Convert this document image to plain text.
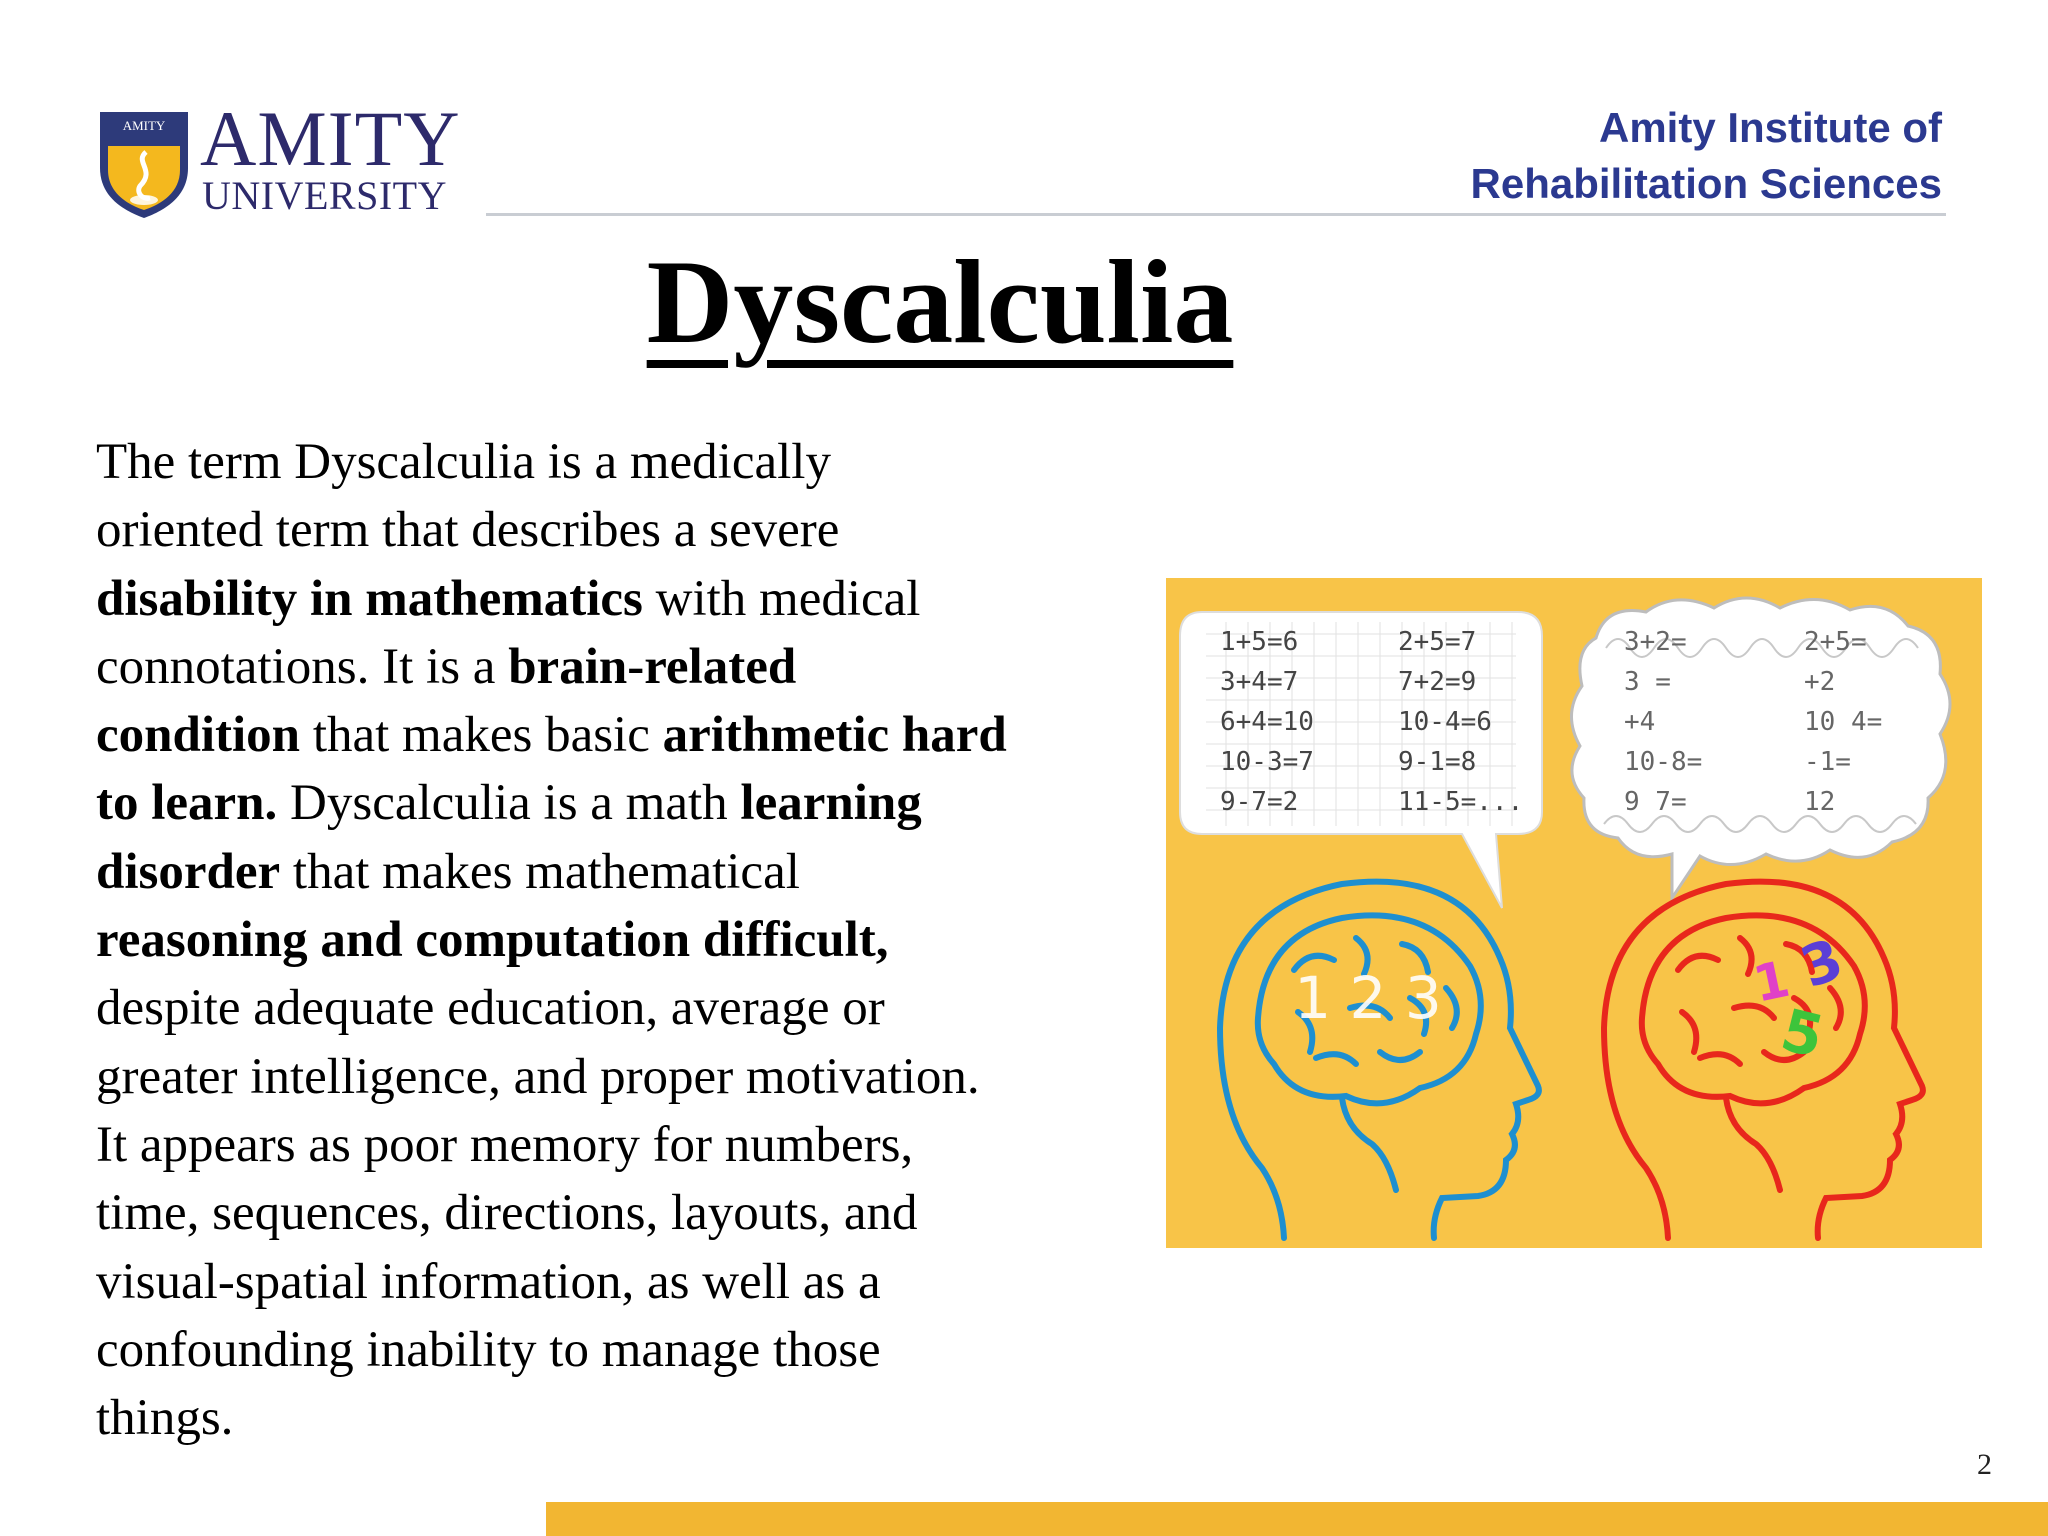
AMITY AMITY
UNIVERSITY
Amity Institute of
Rehabilitation Sciences
Dyscalculia
The term Dyscalculia is a medically
oriented term that describes a severe
disability in mathematics with medical
connotations. It is a brain-related
condition that makes basic arithmetic hard
to learn. Dyscalculia is a math learning
disorder that makes mathematical
reasoning and computation difficult,
despite adequate education, average or
greater intelligence, and proper motivation.
It appears as poor memory for numbers,
time, sequences, directions, layouts, and
visual-spatial information, as well as a
confounding inability to manage those
things.
1+5=6
3+4=7
6+4=10
10-3=7
9-7=2
2+5=7
7+2=9
10-4=6
9-1=8
11-5=...
3+2=
3 =
+4
10-8=
9 7=
2+5=
+2
10 4=
-1=
12
1 2 3	1
5
3
2
